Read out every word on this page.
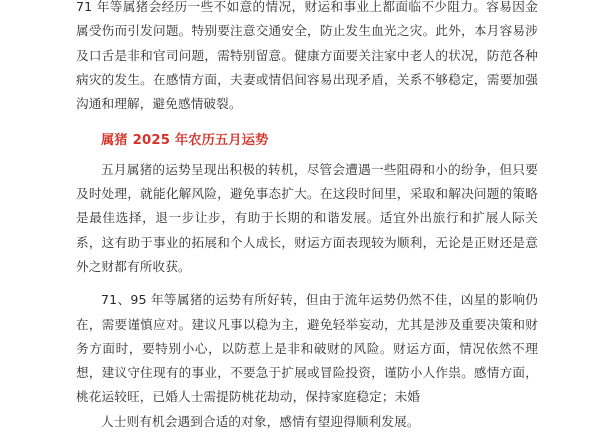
71 年等属猪会经历一些不如意的情况，财运和事业上都面临不少阻力。容易因金属受伤而引发问题。特别要注意交通安全，防止发生血光之灾。此外，本月容易涉及口舌是非和官司问题，需特别留意。健康方面要关注家中老人的状况，防范各种病灾的发生。在感情方面，夫妻或情侣间容易出现矛盾，关系不够稳定，需要加强沟通和理解，避免感情破裂。

属猪 2025 年农历五月运势

五月属猪的运势呈现出积极的转机，尽管会遭遇一些阻碍和小的纷争，但只要及时处理，就能化解风险，避免事态扩大。在这段时间里，采取和解决问题的策略是最佳选择，退一步让步，有助于长期的和谐发展。适宜外出旅行和扩展人际关系，这有助于事业的拓展和个人成长，财运方面表现较为顺利，无论是正财还是意外之财都有所收获。

71、95 年等属猪的运势有所好转，但由于流年运势仍然不佳，凶星的影响仍在，需要谨慎应对。建议凡事以稳为主，避免轻举妄动，尤其是涉及重要决策和财务方面时，要特别小心，以防惹上是非和破财的风险。财运方面，情况依然不理想，建议守住现有的事业，不要急于扩展或冒险投资，谨防小人作祟。感情方面，桃花运较旺，已婚人士需提防桃花劫动，保持家庭稳定；未婚

人士则有机会遇到合适的对象，感情有望迎得顺利发展。
